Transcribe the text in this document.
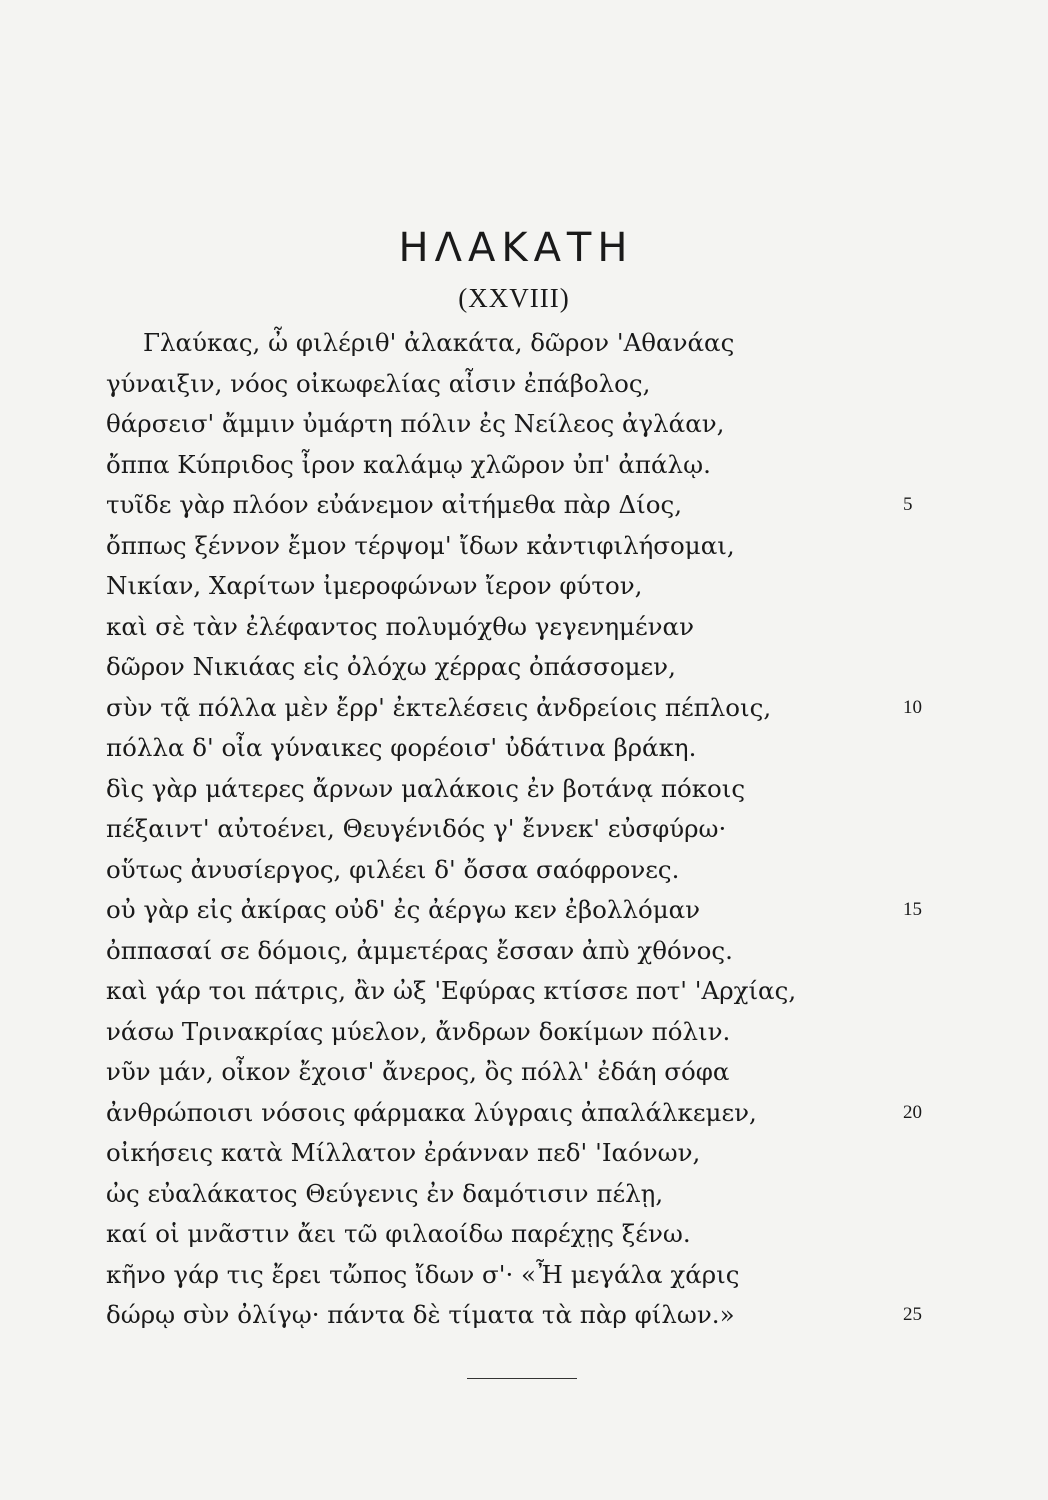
ΗΛΑΚΑΤΗ
(XXVIII)
Γλαύκας, ὦ φιλέριθ' ἀλακάτα, δῶρον 'Αθανάας
γύναιξιν, νόος οἰκωφελίας αἶσιν ἐπάβολος,
θάρσεισ' ἄμμιν ὐμάρτη πόλιν ἐς Νείλεος ἀγλάαν,
ὄππα Κύπριδος ἶρον καλάμῳ χλῶρον ὐπ' ἀπάλῳ.
τυῖδε γὰρ πλόον εὐάνεμον αἰτήμεθα πὰρ Δίος,	5
ὄππως ξέννον ἔμον τέρψομ' ἴδων κἀντιφιλήσομαι,
Νικίαν, Χαρίτων ἰμεροφώνων ἴερον φύτον,
καὶ σὲ τὰν ἐλέφαντος πολυμόχθω γεγενημέναν
δῶρον Νικιάας εἰς ὀλόχω χέρρας ὀπάσσομεν,
σὺν τᾷ πόλλα μὲν ἔρρ' ἐκτελέσεις ἀνδρείοις πέπλοις,	10
πόλλα δ' οἶα γύναικες φορέοισ' ὐδάτινα βράκη.
δὶς γὰρ μάτερες ἄρνων μαλάκοις ἐν βοτάνᾳ πόκοις
πέξαιντ' αὐτοένει, Θευγένιδός γ' ἔννεκ' εὐσφύρω·
οὕτως ἀνυσίεργος, φιλέει δ' ὄσσα σαόφρονες.
οὐ γὰρ εἰς ἀκίρας οὐδ' ἐς ἀέργω κεν ἐβολλόμαν	15
ὀππασαί σε δόμοις, ἀμμετέρας ἔσσαν ἀπὺ χθόνος.
καὶ γάρ τοι πάτρις, ἂν ὠξ 'Εφύρας κτίσσε ποτ' 'Αρχίας,
νάσω Τρινακρίας μύελον, ἄνδρων δοκίμων πόλιν.
νῦν μάν, οἶκον ἔχοισ' ἄνερος, ὂς πόλλ' ἐδάη σόφα
ἀνθρώποισι νόσοις φάρμακα λύγραις ἀπαλάλκεμεν,	20
οἰκήσεις κατὰ Μίλλατον ἐράνναν πεδ' 'Ιαόνων,
ὠς εὐαλάκατος Θεύγενις ἐν δαμότισιν πέλῃ,
καί οἱ μνᾶστιν ἄει τῶ φιλαοίδω παρέχῃς ξένω.
κῆνο γάρ τις ἔρει τὤπος ἴδων σ'· «Ἦ μεγάλα χάρις
δώρῳ σὺν ὀλίγῳ· πάντα δὲ τίματα τὰ πὰρ φίλων.»	25
